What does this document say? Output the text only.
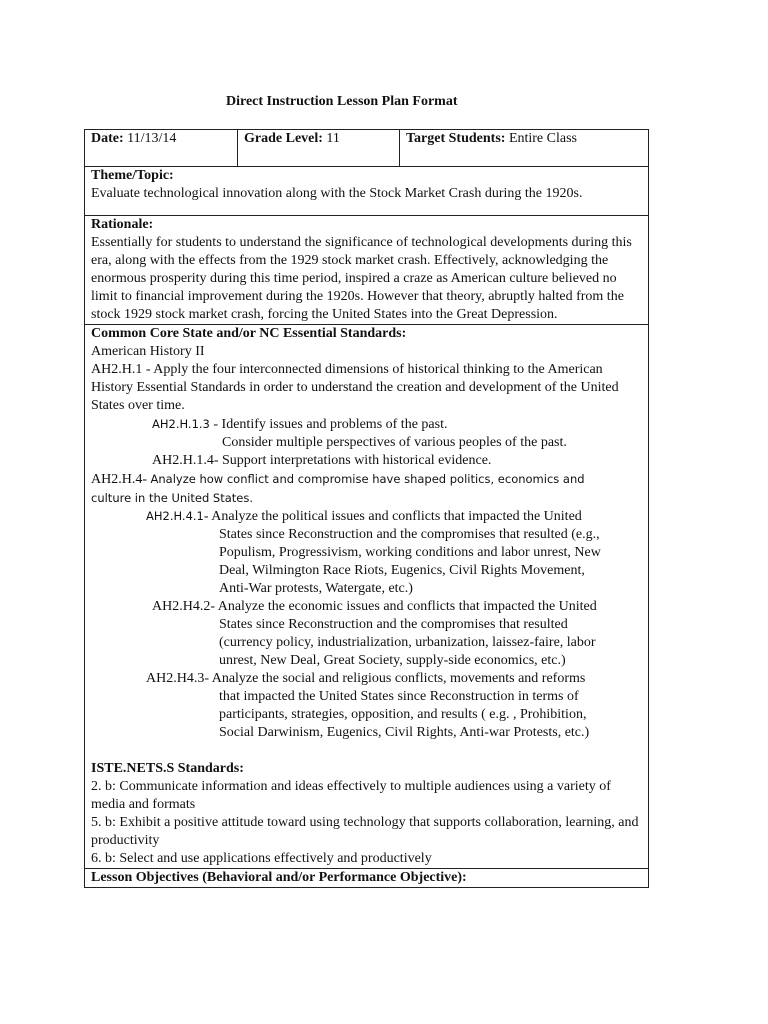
Direct Instruction Lesson Plan Format
Date: 11/13/14	Grade Level: 11	Target Students: Entire Class

Theme/Topic:
Evaluate technological innovation along with the Stock Market Crash during the 1920s.

Rationale:
Essentially for students to understand the significance of technological developments during this era, along with the effects from the 1929 stock market crash. Effectively, acknowledging the enormous prosperity during this time period, inspired a craze as American culture believed no limit to financial improvement during the 1920s. However that theory, abruptly halted from the stock 1929 stock market crash, forcing the United States into the Great Depression.

Common Core State and/or NC Essential Standards:
American History II
AH2.H.1 - Apply the four interconnected dimensions of historical thinking to the American History Essential Standards in order to understand the creation and development of the United States over time.
AH2.H.1.3 - Identify issues and problems of the past.
Consider multiple perspectives of various peoples of the past.
AH2.H.1.4- Support interpretations with historical evidence.
AH2.H.4- Analyze how conflict and compromise have shaped politics, economics and
culture in the United States.
AH2.H.4.1- Analyze the political issues and conflicts that impacted the United
States since Reconstruction and the compromises that resulted (e.g.,
Populism, Progressivism, working conditions and labor unrest, New
Deal, Wilmington Race Riots, Eugenics, Civil Rights Movement,
Anti-War protests, Watergate, etc.)
AH2.H4.2- Analyze the economic issues and conflicts that impacted the United
States since Reconstruction and the compromises that resulted
(currency policy, industrialization, urbanization, laissez-faire, labor
unrest, New Deal, Great Society, supply-side economics, etc.)
AH2.H4.3- Analyze the social and religious conflicts, movements and reforms
that impacted the United States since Reconstruction in terms of
participants, strategies, opposition, and results ( e.g. , Prohibition,
Social Darwinism, Eugenics, Civil Rights, Anti-war Protests, etc.)
ISTE.NETS.S Standards:
2. b: Communicate information and ideas effectively to multiple audiences using a variety of media and formats
5. b: Exhibit a positive attitude toward using technology that supports collaboration, learning, and productivity
6. b: Select and use applications effectively and productively

Lesson Objectives (Behavioral and/or Performance Objective):
